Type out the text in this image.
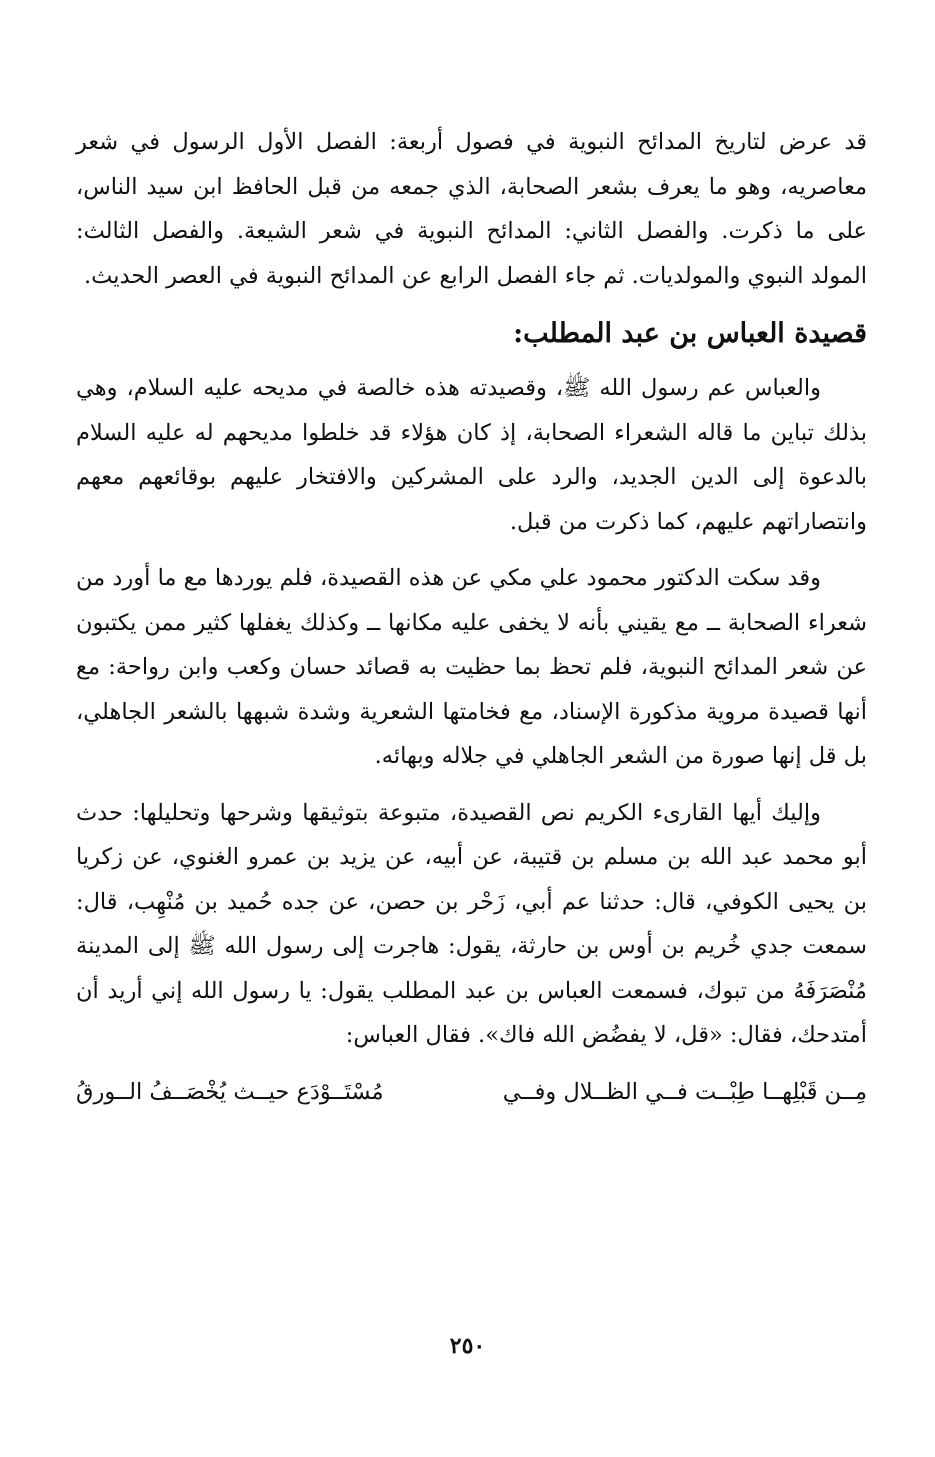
قد عرض لتاريخ المدائح النبوية في فصول أربعة: الفصل الأول الرسول في شعر معاصريه، وهو ما يعرف بشعر الصحابة، الذي جمعه من قبل الحافظ ابن سيد الناس، على ما ذكرت. والفصل الثاني: المدائح النبوية في شعر الشيعة. والفصل الثالث: المولد النبوي والمولديات. ثم جاء الفصل الرابع عن المدائح النبوية في العصر الحديث.

قصيدة العباس بن عبد المطلب:

والعباس عم رسول الله ﷺ، وقصيدته هذه خالصة في مديحه عليه السلام، وهي بذلك تباين ما قاله الشعراء الصحابة، إذ كان هؤلاء قد خلطوا مديحهم له عليه السلام بالدعوة إلى الدين الجديد، والرد على المشركين والافتخار عليهم بوقائعهم معهم وانتصاراتهم عليهم، كما ذكرت من قبل.

وقد سكت الدكتور محمود علي مكي عن هذه القصيدة، فلم يوردها مع ما أورد من شعراء الصحابة ــ مع يقيني بأنه لا يخفى عليه مكانها ــ وكذلك يغفلها كثير ممن يكتبون عن شعر المدائح النبوية، فلم تحظ بما حظيت به قصائد حسان وكعب وابن رواحة: مع أنها قصيدة مروية مذكورة الإسناد، مع فخامتها الشعرية وشدة شبهها بالشعر الجاهلي، بل قل إنها صورة من الشعر الجاهلي في جلاله وبهائه.

وإليك أيها القارىء الكريم نص القصيدة، متبوعة بتوثيقها وشرحها وتحليلها: حدث أبو محمد عبد الله بن مسلم بن قتيبة، عن أبيه، عن يزيد بن عمرو الغنوي، عن زكريا بن يحيى الكوفي، قال: حدثنا عم أبي، زَحْر بن حصن، عن جده حُميد بن مُنْهِب، قال: سمعت جدي خُريم بن أوس بن حارثة، يقول: هاجرت إلى رسول الله ﷺ إلى المدينة مُنْصَرَفَهُ من تبوك، فسمعت العباس بن عبد المطلب يقول: يا رسول الله إني أريد أن أمتدحك، فقال: «قل، لا يفضُض الله فاك». فقال العباس:

مِــن قَبْلِهــا طِبْــت فــي الظــلال وفــي
مُسْتَــوْدَع حيــث يُخْصَــفُ الــورقُ
٢٥٠
